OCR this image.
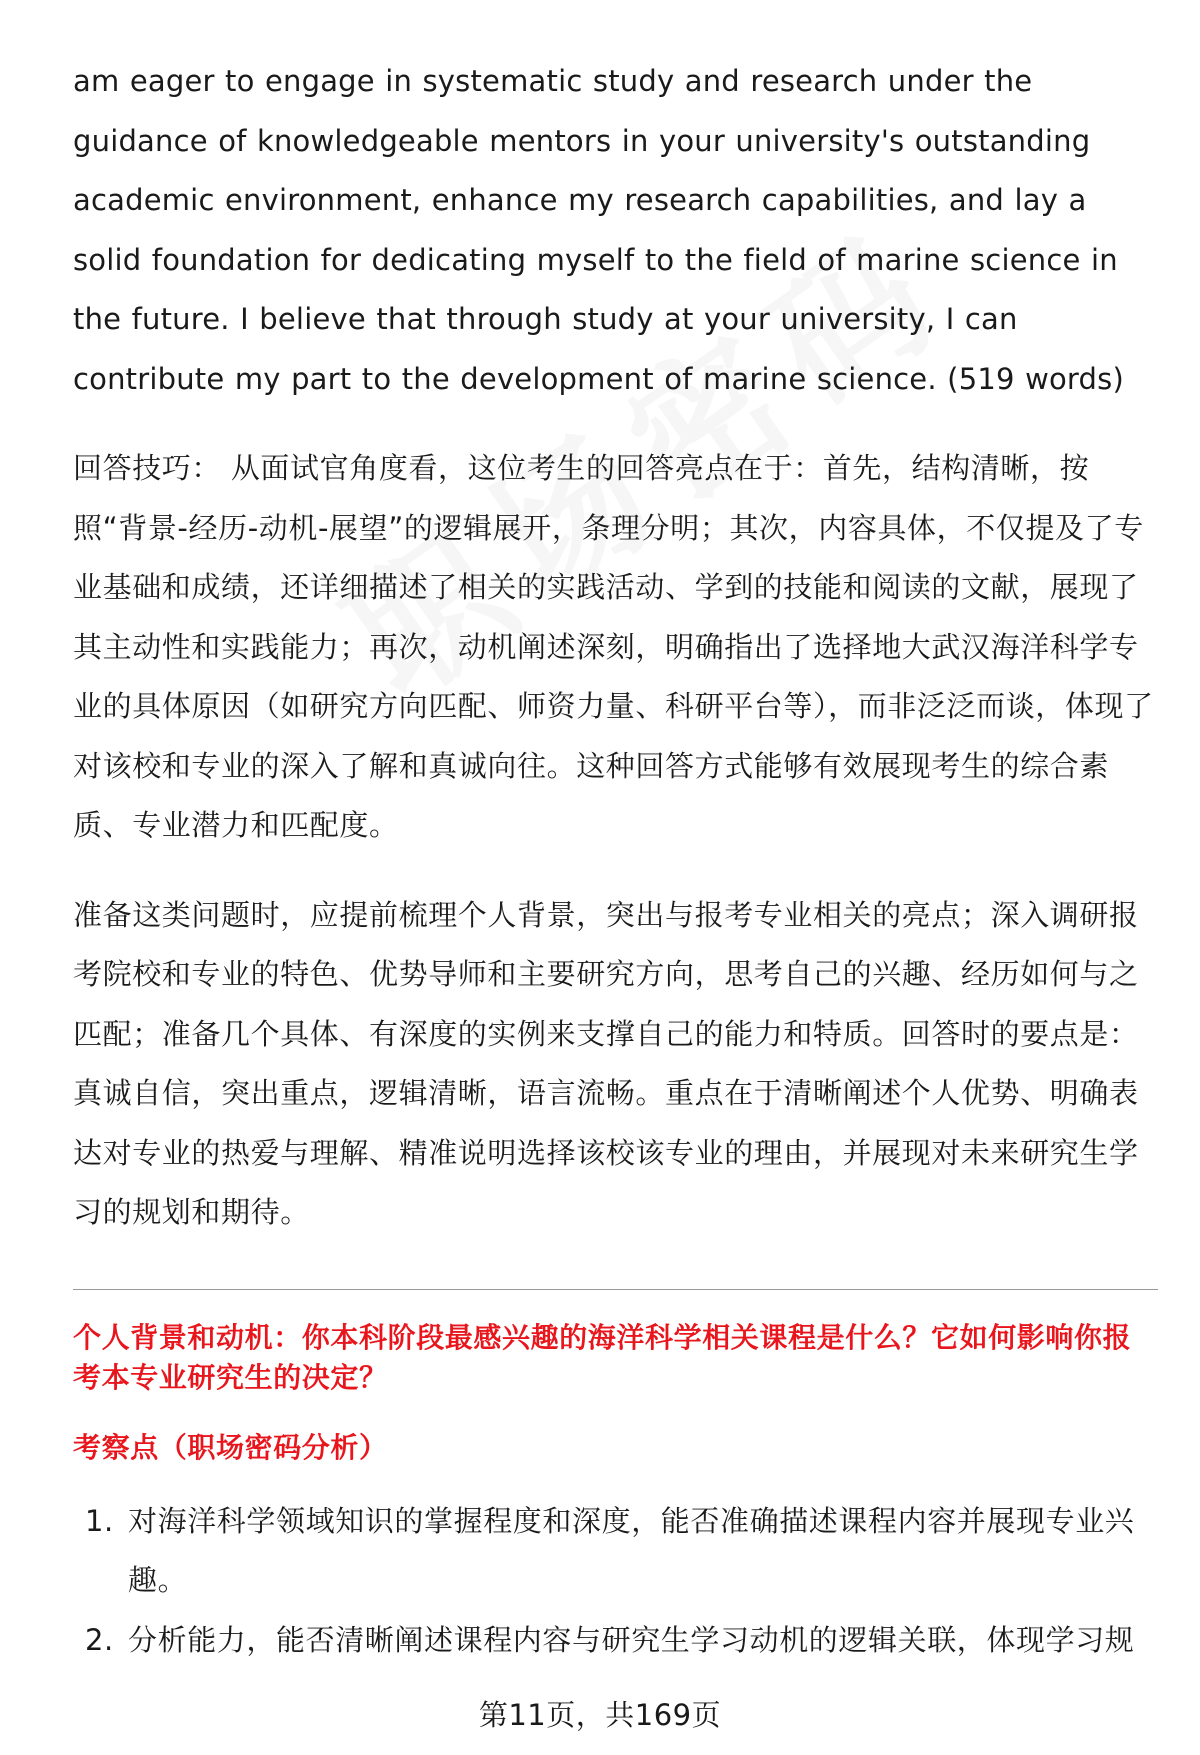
am eager to engage in systematic study and research under the guidance of knowledgeable mentors in your university's outstanding academic environment, enhance my research capabilities, and lay a solid foundation for dedicating myself to the field of marine science in the future. I believe that through study at your university, I can contribute my part to the development of marine science. (519 words)

回答技巧： 从面试官角度看，这位考生的回答亮点在于：首先，结构清晰，按照“背景-经历-动机-展望”的逻辑展开，条理分明；其次，内容具体，不仅提及了专业基础和成绩，还详细描述了相关的实践活动、学到的技能和阅读的文献，展现了其主动性和实践能力；再次，动机阐述深刻，明确指出了选择地大武汉海洋科学专业的具体原因（如研究方向匹配、师资力量、科研平台等），而非泛泛而谈，体现了对该校和专业的深入了解和真诚向往。这种回答方式能够有效展现考生的综合素质、专业潜力和匹配度。

准备这类问题时，应提前梳理个人背景，突出与报考专业相关的亮点；深入调研报考院校和专业的特色、优势导师和主要研究方向，思考自己的兴趣、经历如何与之匹配；准备几个具体、有深度的实例来支撑自己的能力和特质。回答时的要点是：真诚自信，突出重点，逻辑清晰，语言流畅。重点在于清晰阐述个人优势、明确表达对专业的热爱与理解、精准说明选择该校该专业的理由，并展现对未来研究生学习的规划和期待。

个人背景和动机：你本科阶段最感兴趣的海洋科学相关课程是什么？它如何影响你报考本专业研究生的决定？

考察点（职场密码分析）

1. 对海洋科学领域知识的掌握程度和深度，能否准确描述课程内容并展现专业兴趣。
2. 分析能力，能否清晰阐述课程内容与研究生学习动机的逻辑关联，体现学习规
第11页，共169页
